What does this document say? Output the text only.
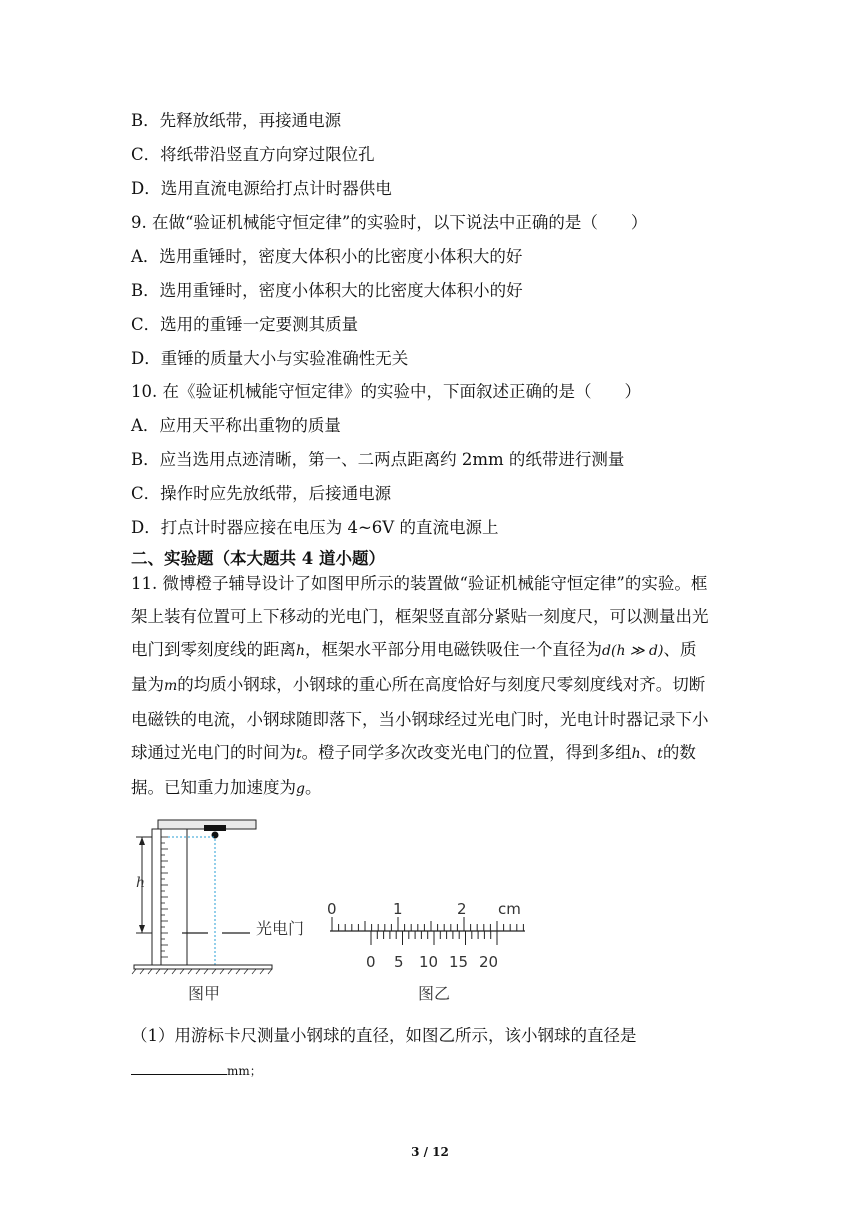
B．先释放纸带，再接通电源
C．将纸带沿竖直方向穿过限位孔
D．选用直流电源给打点计时器供电
9. 在做“验证机械能守恒定律”的实验时，以下说法中正确的是（　　）
A．选用重锤时，密度大体积小的比密度小体积大的好
B．选用重锤时，密度小体积大的比密度大体积小的好
C．选用的重锤一定要测其质量
D．重锤的质量大小与实验准确性无关
10. 在《验证机械能守恒定律》的实验中，下面叙述正确的是（　　）
A．应用天平称出重物的质量
B．应当选用点迹清晰，第一、二两点距离约 2mm 的纸带进行测量
C．操作时应先放纸带，后接通电源
D．打点计时器应接在电压为 4~6V 的直流电源上
二、实验题（本大题共 4 道小题）
11. 微博橙子辅导设计了如图甲所示的装置做“验证机械能守恒定律”的实验。框
架上装有位置可上下移动的光电门，框架竖直部分紧贴一刻度尺，可以测量出光
电门到零刻度线的距离h，框架水平部分用电磁铁吸住一个直径为d(h ≫ d)、质
量为m的均质小钢球，小钢球的重心所在高度恰好与刻度尺零刻度线对齐。切断
电磁铁的电流，小钢球随即落下，当小钢球经过光电门时，光电计时器记录下小
球通过光电门的时间为t。橙子同学多次改变光电门的位置，得到多组h、t的数
据。已知重力加速度为g。
h
光电门
图甲
0	1	2 cm
0 5 10 15 20
图乙
（1）用游标卡尺测量小钢球的直径，如图乙所示，该小钢球的直径是
mm；
3 / 12
